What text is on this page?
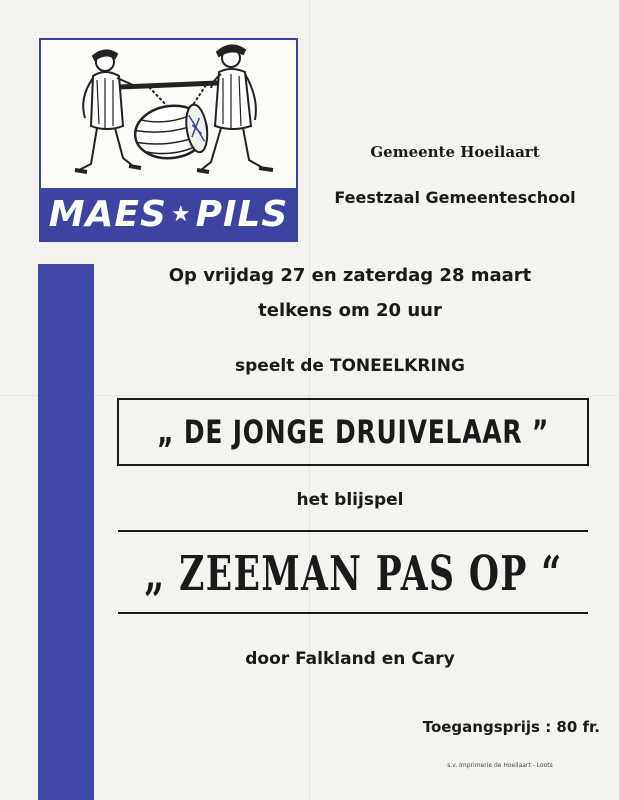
MAES ★ PILS
Gemeente Hoeilaart
Feestzaal Gemeenteschool
Op vrijdag 27 en zaterdag 28 maart
telkens om 20 uur
speelt de TONEELKRING
„ DE JONGE DRUIVELAAR ”
het blijspel
„ ZEEMAN PAS OP “
door Falkland en Cary
Toegangsprijs : 80 fr.
s.v. Imprimerie de Hoeilaart - Loots
